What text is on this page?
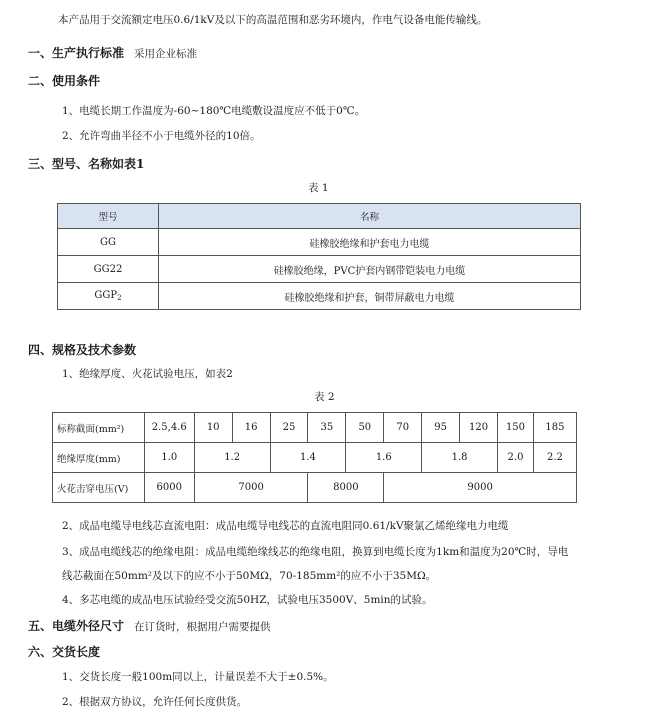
本产品用于交流额定电压0.6/1kV及以下的高温范围和恶劣环境内，作电气设备电能传输线。
一、生产执行标准 采用企业标准
二、使用条件
1、电缆长期工作温度为-60~180℃电缆敷设温度应不低于0℃。
2、允许弯曲半径不小于电缆外径的10倍。
三、型号、名称如表1
表 1
型号	名称
GG	硅橡胶绝缘和护套电力电缆
GG22	硅橡胶绝缘，PVC护套内钢带铠装电力电缆
$GGP_2$	硅橡胶绝缘和护套，铜带屏蔽电力电缆
四、规格及技术参数
1、绝缘厚度、火花试验电压，如表2
表 2
标称截面(mm²)	2.5,4.6	10	16	25	35	50	70	95	120	150	185
绝缘厚度(mm)	1.0	1.2		1.4		1.6		1.8		2.0	2.2
火花击穿电压(V)	6000	7000			8000		9000				
2、成品电缆导电线芯直流电阻：成品电缆导电线芯的直流电阻同0.61/kV聚氯乙烯绝缘电力电缆
3、成品电缆线芯的绝缘电阻：成品电缆绝缘线芯的绝缘电阻，换算到电缆长度为1km和温度为20℃时，导电
线芯截面在50mm²及以下的应不小于50MΩ，70-185mm²的应不小于35MΩ。
4、多芯电缆的成品电压试验经受交流50HZ，试验电压3500V、5min的试验。
五、电缆外径尺寸 在订货时，根据用户需要提供
六、交货长度
1、交货长度一般100m同以上，计量误差不大于±0.5%。
2、根据双方协议，允许任何长度供货。
